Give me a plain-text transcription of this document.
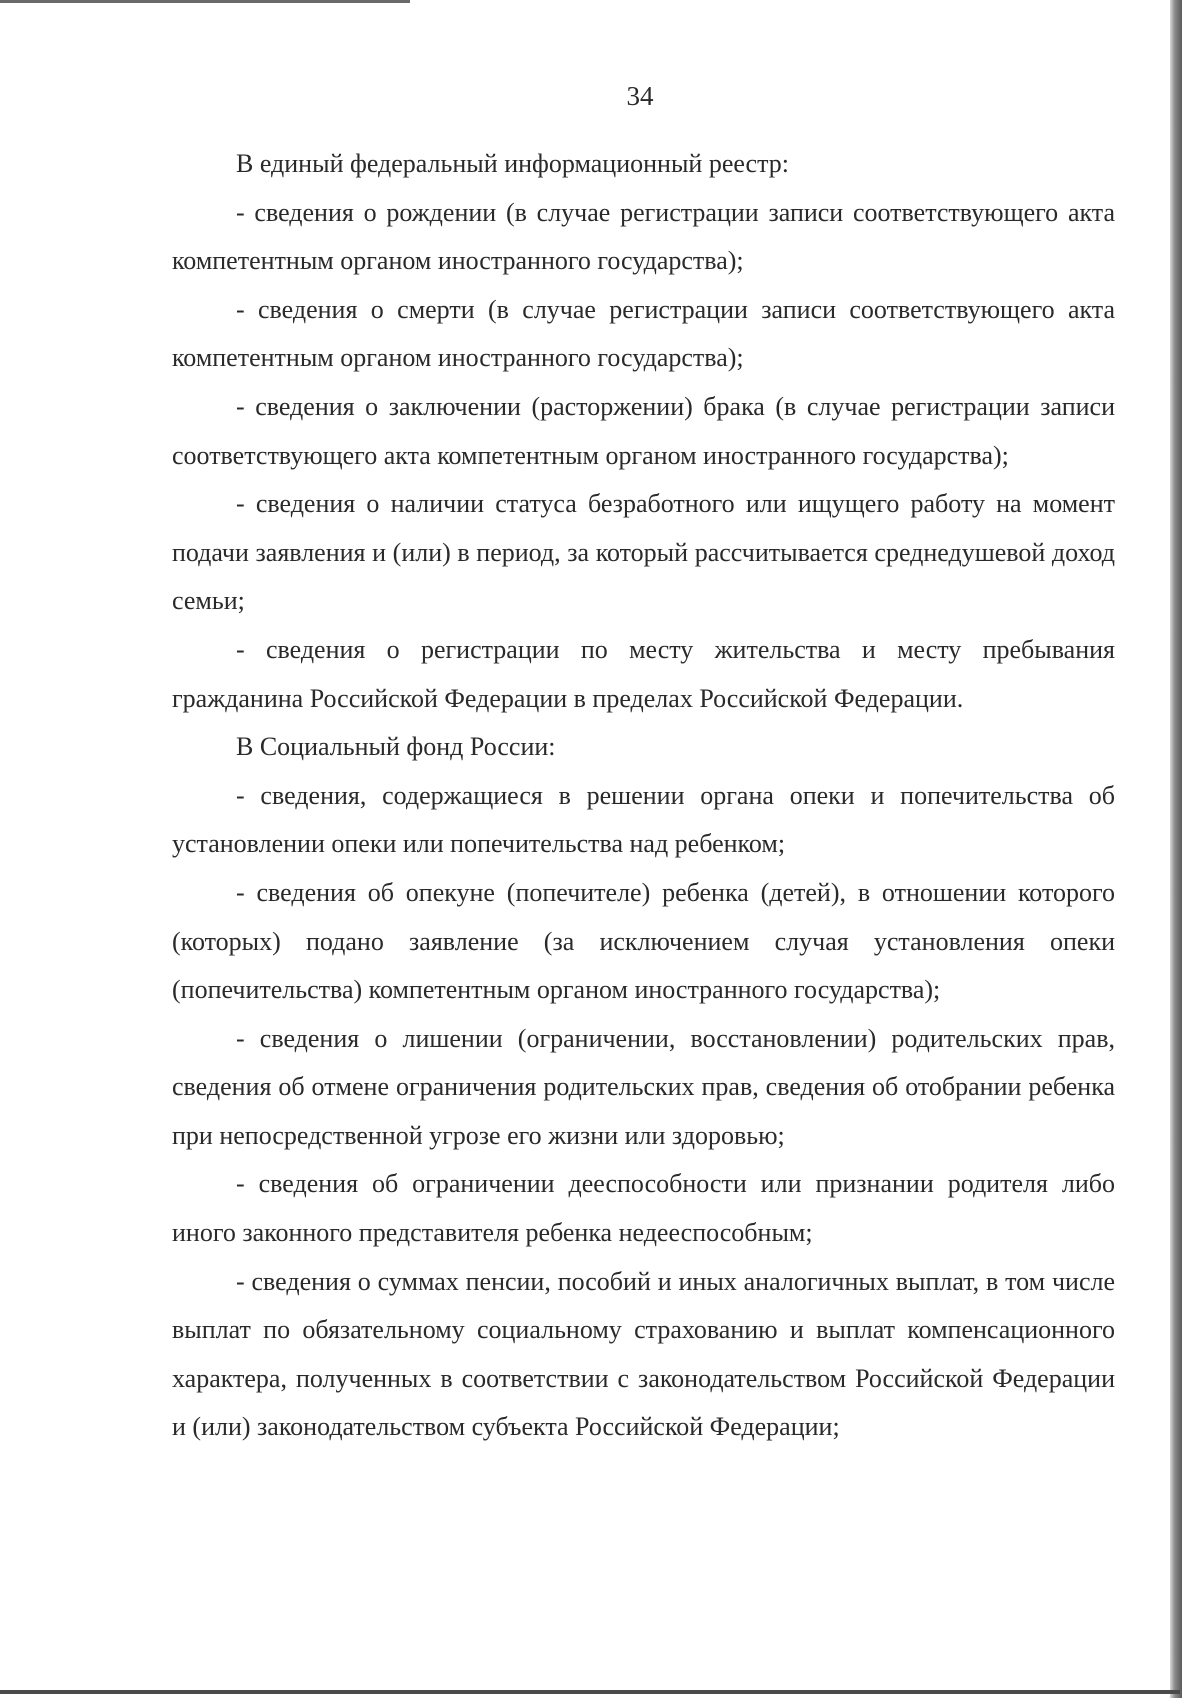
34

В единый федеральный информационный реестр:

- сведения о рождении (в случае регистрации записи соответствующего акта компетентным органом иностранного государства);

- сведения о смерти (в случае регистрации записи соответствующего акта компетентным органом иностранного государства);

- сведения о заключении (расторжении) брака (в случае регистрации записи соответствующего акта компетентным органом иностранного государства);

- сведения о наличии статуса безработного или ищущего работу на момент подачи заявления и (или) в период, за который рассчитывается среднедушевой доход семьи;

- сведения о регистрации по месту жительства и месту пребывания гражданина Российской Федерации в пределах Российской Федерации.

В Социальный фонд России:

- сведения, содержащиеся в решении органа опеки и попечительства об установлении опеки или попечительства над ребенком;

- сведения об опекуне (попечителе) ребенка (детей), в отношении которого (которых) подано заявление (за исключением случая установления опеки (попечительства) компетентным органом иностранного государства);

- сведения о лишении (ограничении, восстановлении) родительских прав, сведения об отмене ограничения родительских прав, сведения об отобрании ребенка при непосредственной угрозе его жизни или здоровью;

- сведения об ограничении дееспособности или признании родителя либо иного законного представителя ребенка недееспособным;

- сведения о суммах пенсии, пособий и иных аналогичных выплат, в том числе выплат по обязательному социальному страхованию и выплат компенсационного характера, полученных в соответствии с законодательством Российской Федерации и (или) законодательством субъекта Российской Федерации;
